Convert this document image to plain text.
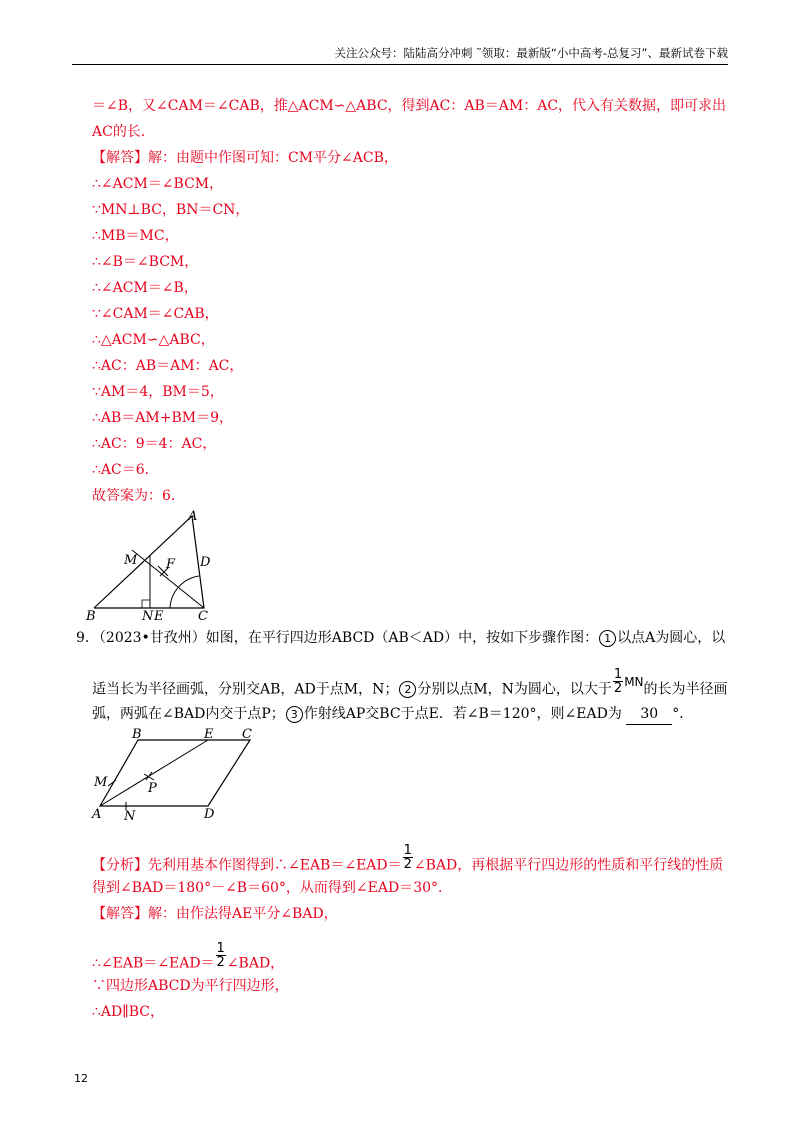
关注公众号：陆陆高分冲刺 ˜领取：最新版“小中高考-总复习”、最新试卷下载
＝∠B，又∠CAM＝∠CAB，推△ACM∽△ABC，得到AC：AB＝AM：AC，代入有关数据，即可求出
AC的长．
【解答】解：由题中作图可知：CM平分∠ACB，
∴∠ACM＝∠BCM，
∵MN⊥BC，BN＝CN，
∴MB＝MC，
∴∠B＝∠BCM，
∴∠ACM＝∠B，
∵∠CAM＝∠CAB，
∴△ACM∽△ABC，
∴AC：AB＝AM：AC，
∵AM＝4，BM＝5，
∴AB＝AM+BM＝9，
∴AC：9＝4：AC，
∴AC＝6．
故答案为：6．
A
B	C
D
E
F
M
N
9．（2023•甘孜州）如图，在平行四边形ABCD（AB＜AD）中，按如下步骤作图： 1 以点A为圆心，以
适当长为半径画弧，分别交AB，AD于点M，N； 2 分别以点M，N为圆心，以大于 $\frac{1}{2}$ MN的长为半径画
弧，两弧在∠BAD内交于点P； 3 作射线AP交BC于点E．若∠B＝120°，则∠EAD为 30 °．
A
B	C
D
E
M
N
P
【分析】先利用基本作图得到∴∠EAB＝∠EAD＝ $\frac{1}{2}$ ∠BAD，再根据平行四边形的性质和平行线的性质
得到∠BAD＝180°－∠B＝60°，从而得到∠EAD＝30°．
【解答】解：由作法得AE平分∠BAD，
∴∠EAB＝∠EAD＝ $\frac{1}{2}$ ∠BAD，
∵四边形ABCD为平行四边形，
∴AD∥BC，
12
